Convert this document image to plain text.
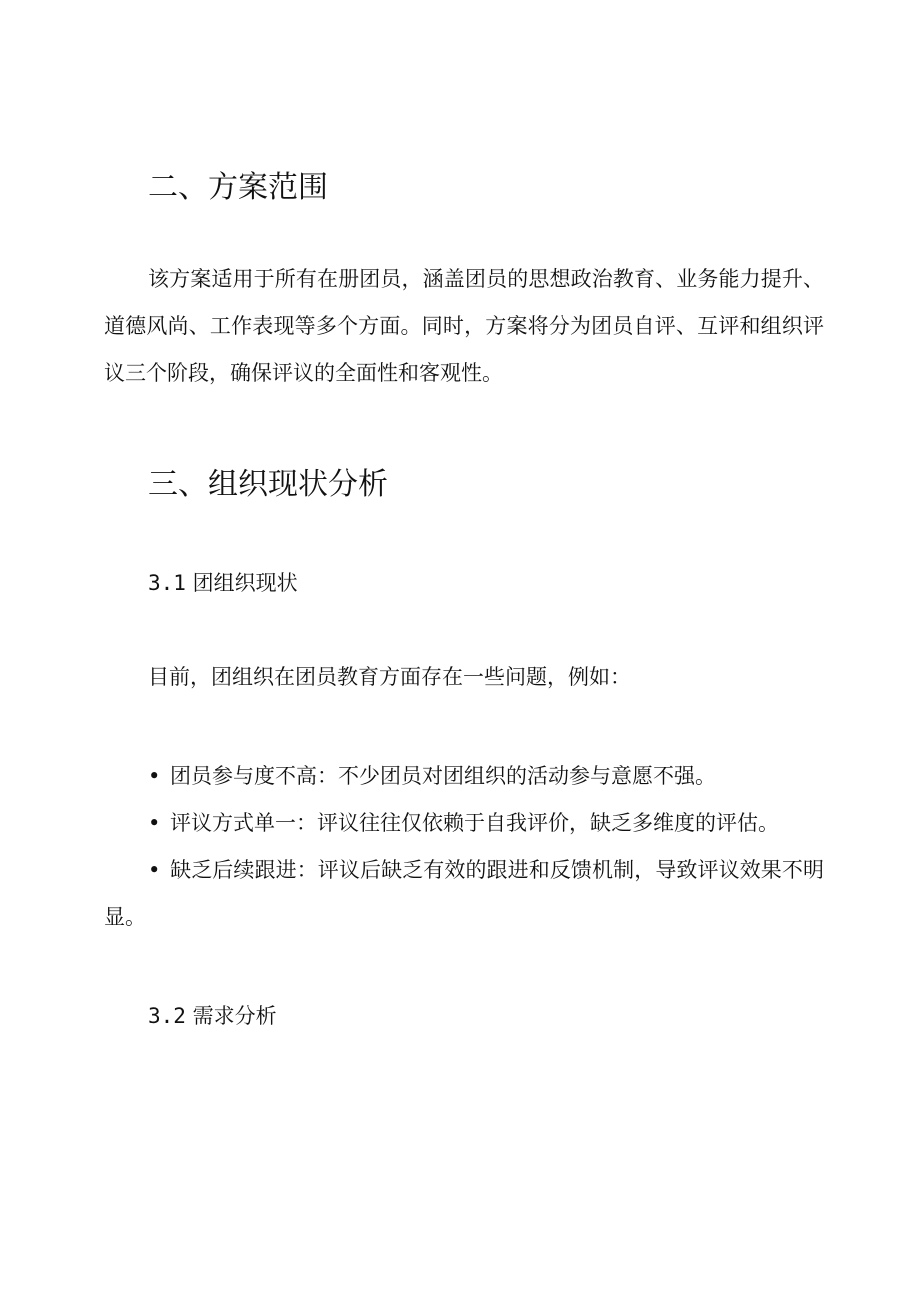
二、方案范围

该方案适用于所有在册团员，涵盖团员的思想政治教育、业务能力提升、道德风尚、工作表现等多个方面。同时，方案将分为团员自评、互评和组织评议三个阶段，确保评议的全面性和客观性。

三、组织现状分析
3.1 团组织现状

目前，团组织在团员教育方面存在一些问题，例如：

• 团员参与度不高：不少团员对团组织的活动参与意愿不强。
• 评议方式单一：评议往往仅依赖于自我评价，缺乏多维度的评估。
• 缺乏后续跟进：评议后缺乏有效的跟进和反馈机制，导致评议效果不明显。
3.2 需求分析
